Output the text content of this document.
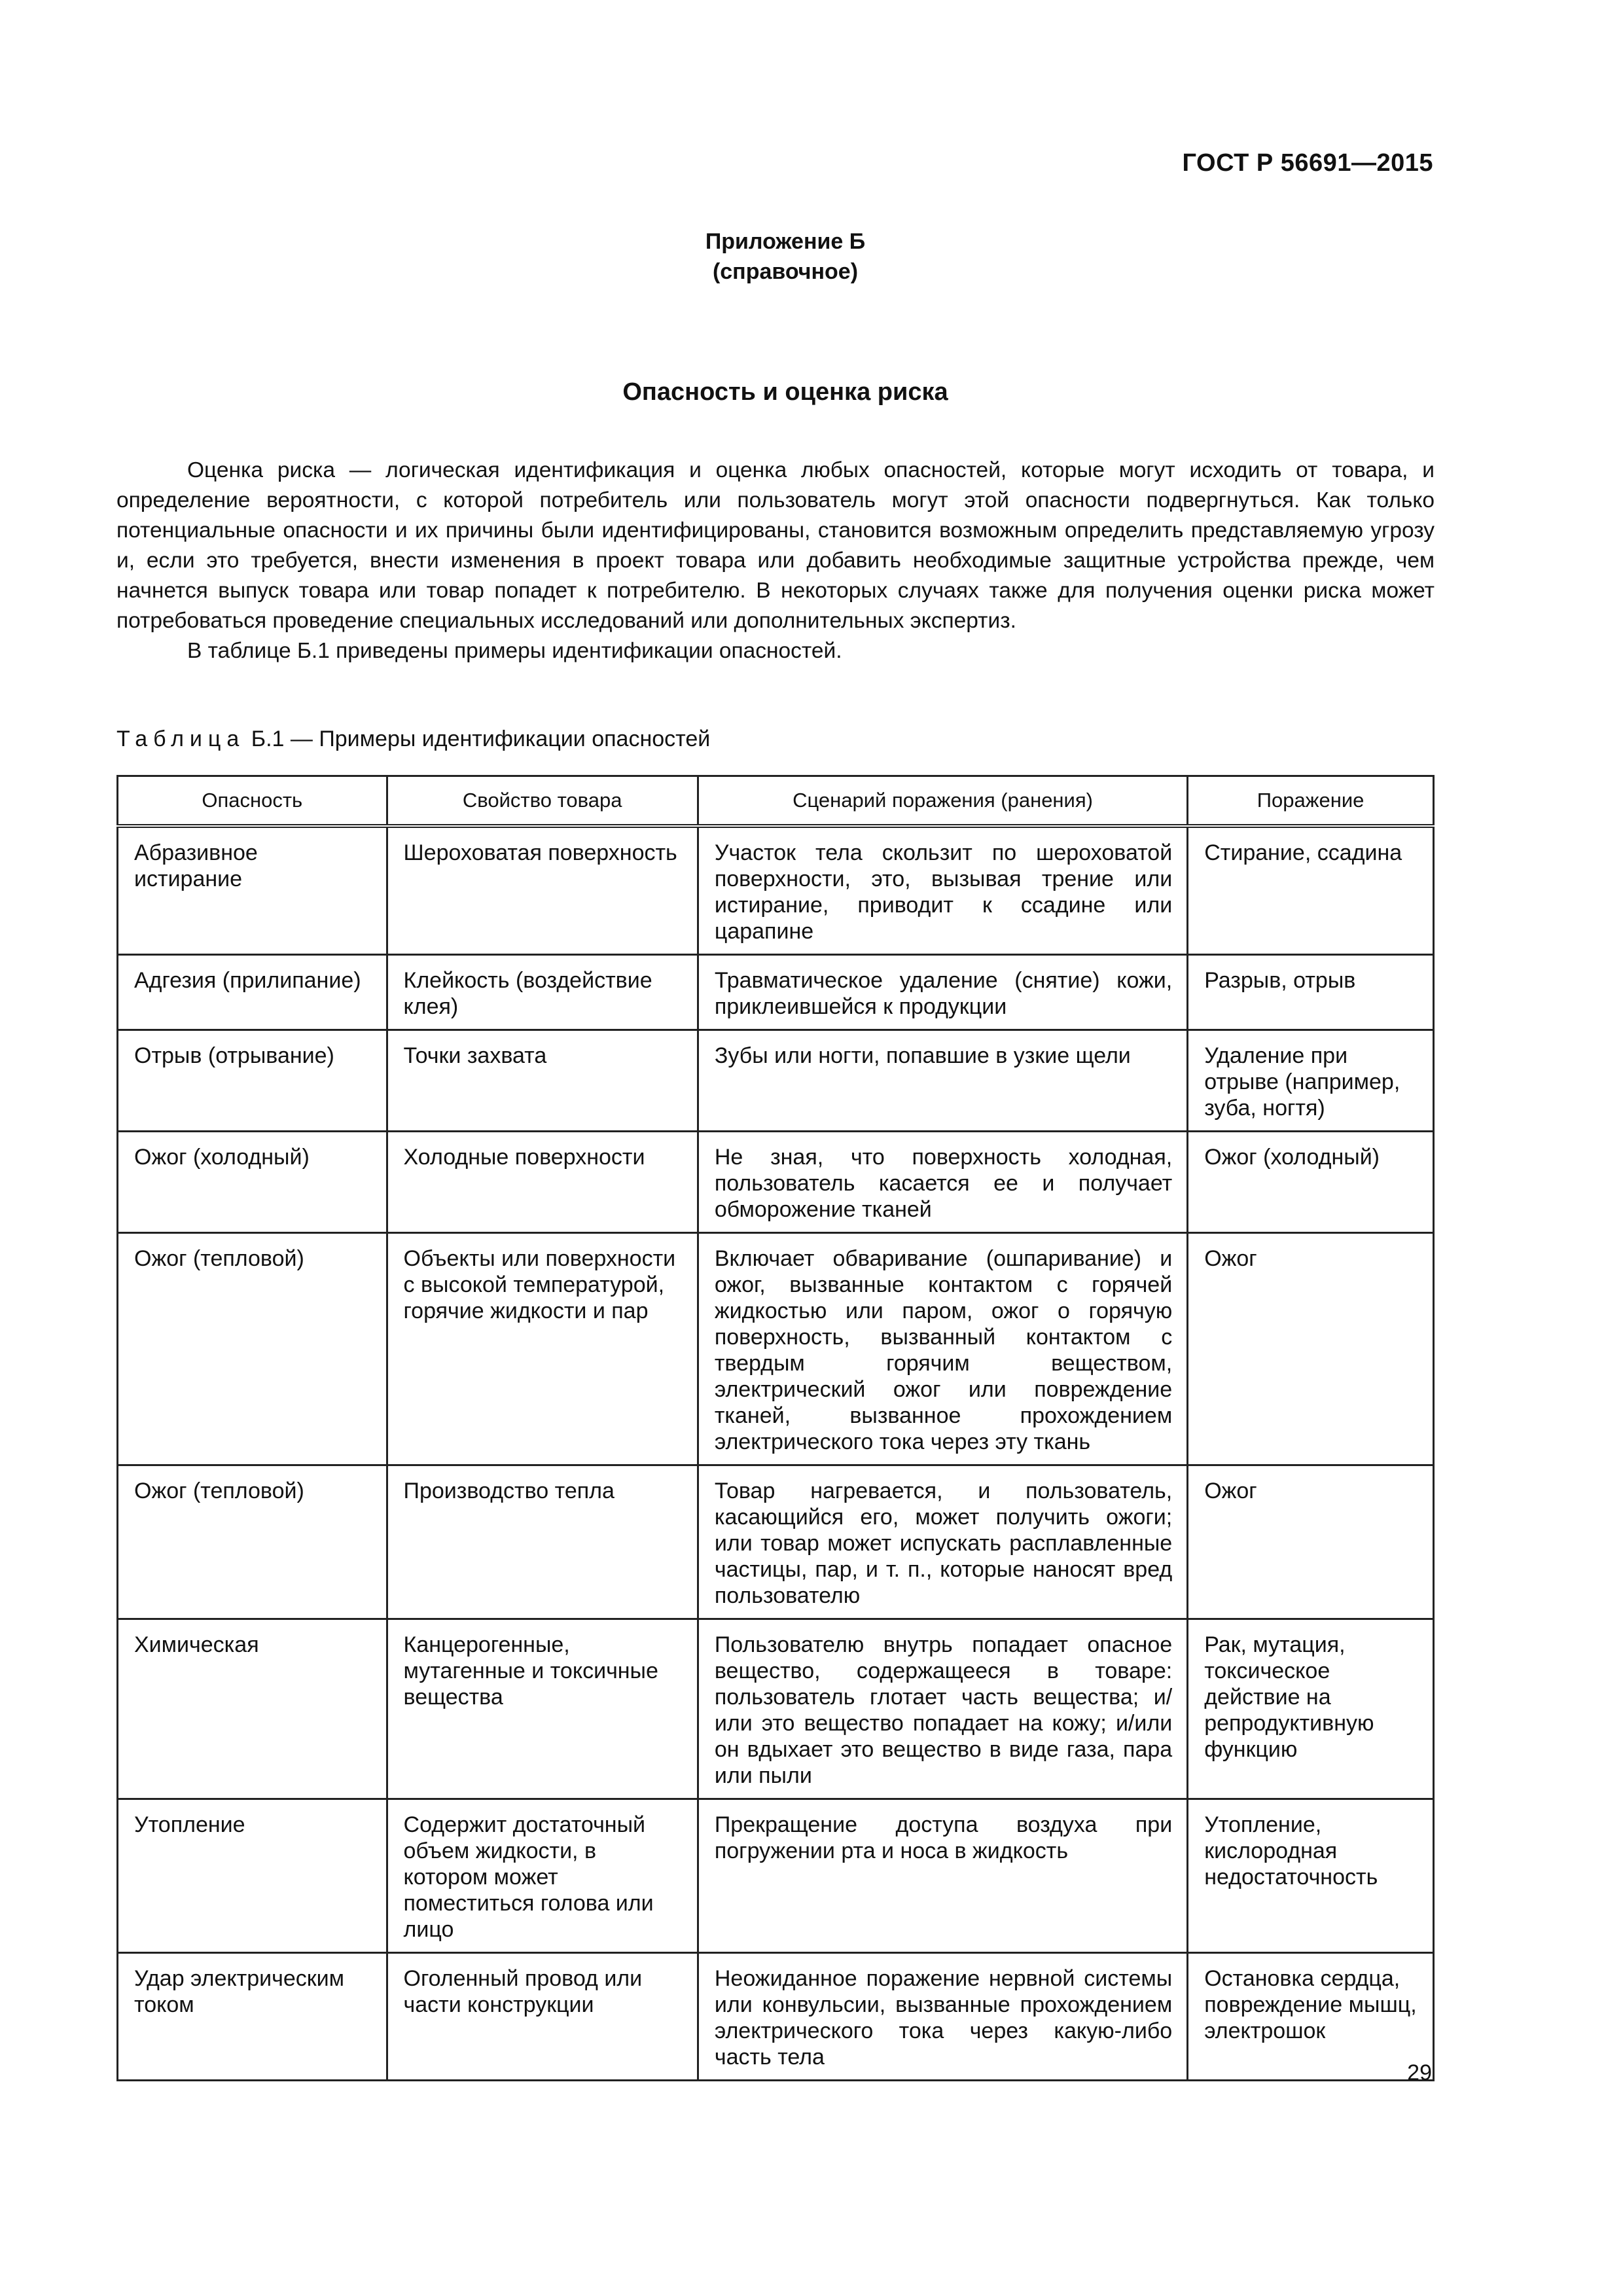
ГОСТ Р 56691—2015
Приложение Б
(справочное)
Опасность и оценка риска

Оценка риска — логическая идентификация и оценка любых опасностей, которые могут исходить от товара, и определение вероятности, с которой потребитель или пользователь могут этой опасности подвергнуться. Как только потенциальные опасности и их причины были идентифицированы, становится возможным определить представляемую угрозу и, если это требуется, внести изменения в проект товара или добавить необходимые защитные устройства прежде, чем начнется выпуск товара или товар попадет к потребителю. В некоторых случаях также для получения оценки риска может потребоваться проведение специальных исследований или дополнительных экспертиз.

В таблице Б.1 приведены примеры идентификации опасностей.

Таблица Б.1 — Примеры идентификации опасностей
Опасность	Свойство товара	Сценарий поражения (ранения)	Поражение
Абразивное истирание	Шероховатая поверхность	Участок тела скользит по шероховатой поверхности, это, вызывая трение или истирание, приводит к ссадине или царапине	Стирание, ссадина
Адгезия (прилипание)	Клейкость (воздействие клея)	Травматическое удаление (снятие) кожи, приклеившейся к продукции	Разрыв, отрыв
Отрыв (отрывание)	Точки захвата	Зубы или ногти, попавшие в узкие щели	Удаление при отрыве (например, зуба, ногтя)
Ожог (холодный)	Холодные поверхности	Не зная, что поверхность холодная, пользователь касается ее и получает обморожение тканей	Ожог (холодный)
Ожог (тепловой)	Объекты или поверхности с высокой температурой, горячие жидкости и пар	Включает обваривание (ошпаривание) и ожог, вызванные контактом с горячей жидкостью или паром, ожог о горячую поверхность, вызванный контактом с твердым горячим веществом, электрический ожог или повреждение тканей, вызванное прохождением электрического тока через эту ткань	Ожог
Ожог (тепловой)	Производство тепла	Товар нагревается, и пользователь, касающийся его, может получить ожоги; или товар может испускать расплавленные частицы, пар, и т. п., которые наносят вред пользователю	Ожог
Химическая	Канцерогенные, мутагенные и токсичные вещества	Пользователю внутрь попадает опасное вещество, содержащееся в товаре: пользователь глотает часть вещества; и/или это вещество попадает на кожу; и/или он вдыхает это вещество в виде газа, пара или пыли	Рак, мутация, токсическое действие на репродуктивную функцию
Утопление	Содержит достаточный объем жидкости, в котором может поместиться голова или лицо	Прекращение доступа воздуха при погружении рта и носа в жидкость	Утопление, кислородная недостаточность
Удар электрическим током	Оголенный провод или части конструкции	Неожиданное поражение нервной системы или конвульсии, вызванные прохождением электрического тока через какую-либо часть тела	Остановка сердца, повреждение мышц, электрошок
29
